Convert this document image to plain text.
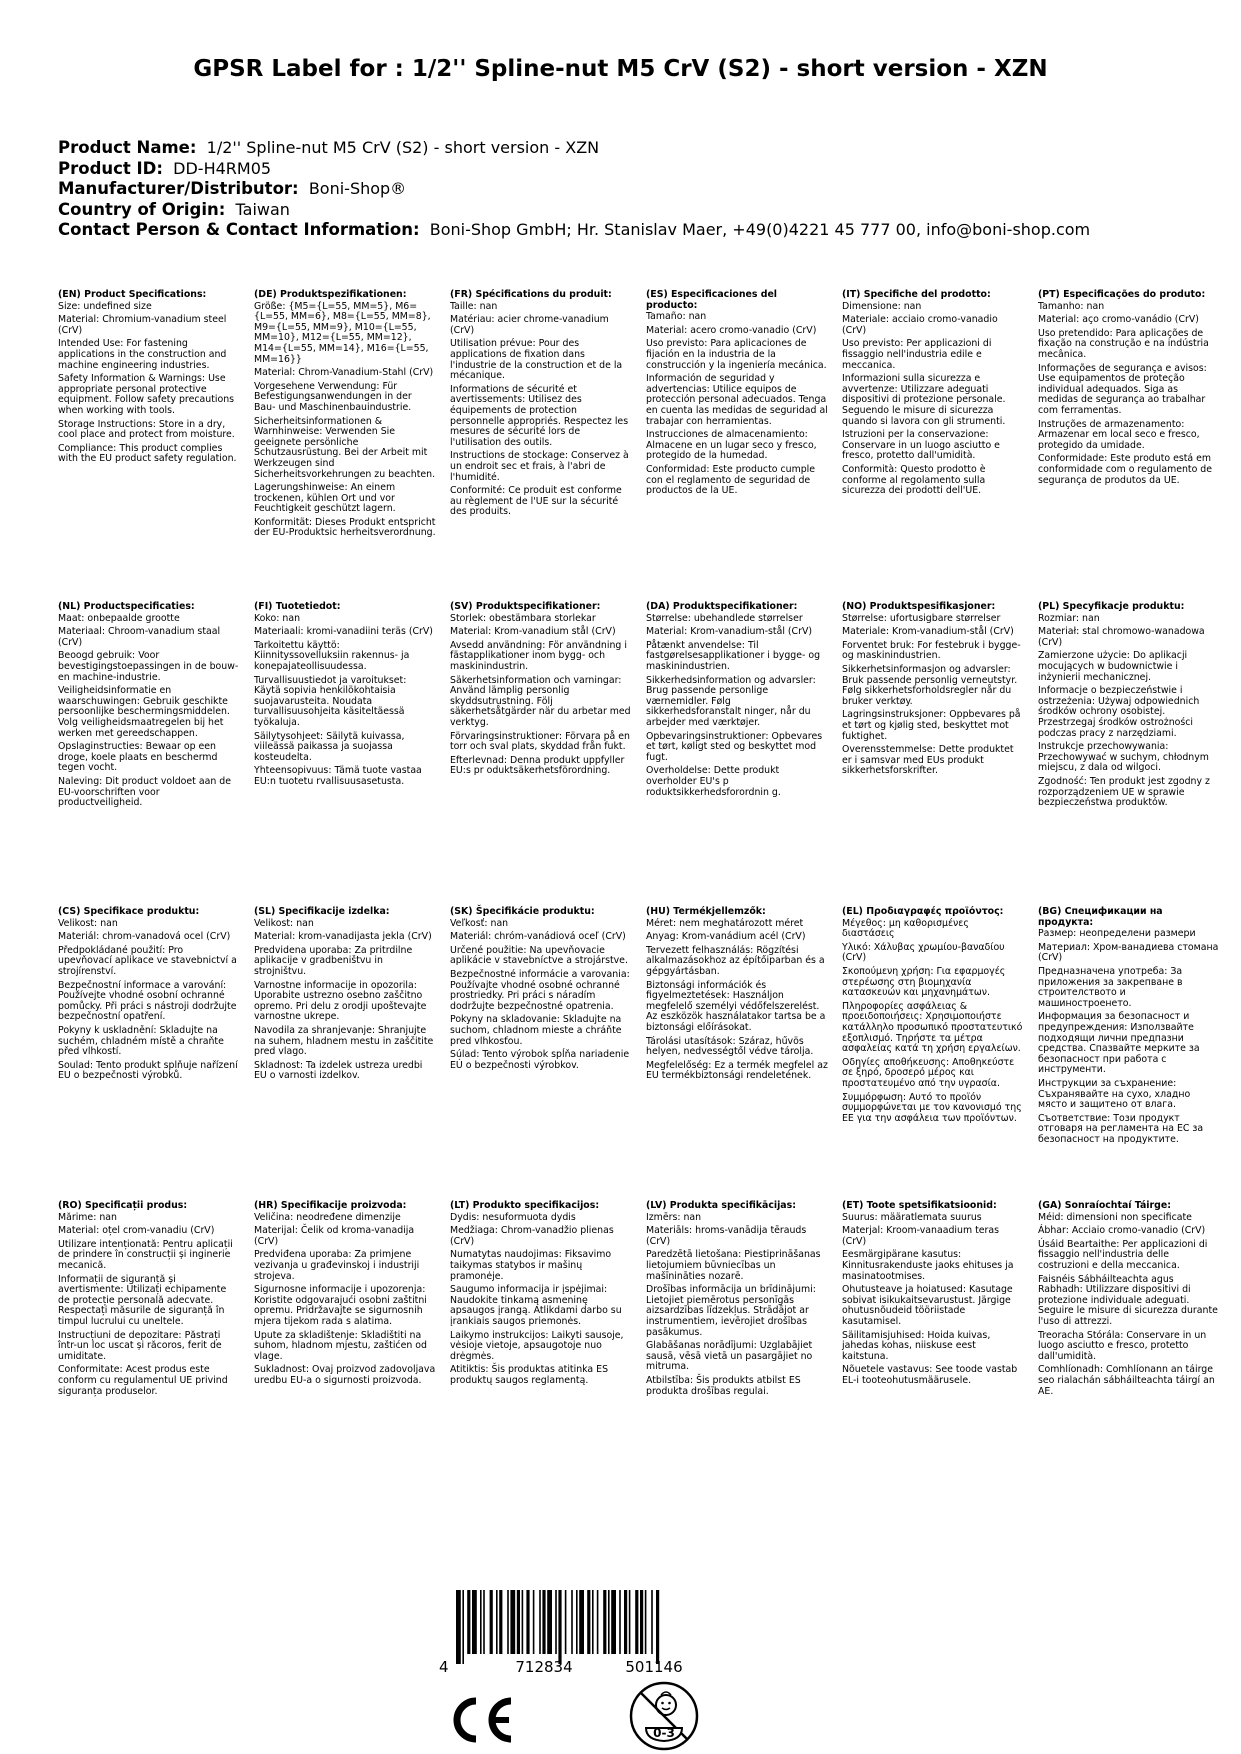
GPSR Label for : 1/2'' Spline-nut M5 CrV (S2) - short version - XZN
Product Name: 1/2'' Spline-nut M5 CrV (S2) - short version - XZN
Product ID: DD-H4RM05
Manufacturer/Distributor: Boni-Shop®
Country of Origin: Taiwan
Contact Person & Contact Information: Boni-Shop GmbH; Hr. Stanislav Maer, +49(0)4221 45 777 00, info@boni-shop.com
(EN) Product Specifications:

Size: undefined size

Material: Chromium-vanadium steel (CrV)

Intended Use: For fastening applications in the construction and machine engineering industries.

Safety Information & Warnings: Use appropriate personal protective equipment. Follow safety precautions when working with tools.

Storage Instructions: Store in a dry, cool place and protect from moisture.

Compliance: This product complies with the EU product safety regulation.

(DE) Produktspezifikationen:

Größe: {M5={L=55, MM=5}, M6={L=55, MM=6}, M8={L=55, MM=8}, M9={L=55, MM=9}, M10={L=55, MM=10}, M12={L=55, MM=12}, M14={L=55, MM=14}, M16={L=55, MM=16}}

Material: Chrom-Vanadium-Stahl (CrV)

Vorgesehene Verwendung: Für Befestigungsanwendungen in der Bau- und Maschinenbauindustrie.

Sicherheitsinformationen & Warnhinweise: Verwenden Sie geeignete persönliche Schutzausrüstung. Bei der Arbeit mit Werkzeugen sind Sicherheitsvorkehrungen zu beachten.

Lagerungshinweise: An einem trockenen, kühlen Ort und vor Feuchtigkeit geschützt lagern.

Konformität: Dieses Produkt entspricht der EU-Produktsic herheitsverordnung.

(FR) Spécifications du produit:

Taille: nan

Matériau: acier chrome-vanadium (CrV)

Utilisation prévue: Pour des applications de fixation dans l'industrie de la construction et de la mécanique.

Informations de sécurité et avertissements: Utilisez des équipements de protection personnelle appropriés. Respectez les mesures de sécurité lors de l'utilisation des outils.

Instructions de stockage: Conservez à un endroit sec et frais, à l'abri de l'humidité.

Conformité: Ce produit est conforme au règlement de l'UE sur la sécurité des produits.

(ES) Especificaciones del producto:

Tamaño: nan

Material: acero cromo-vanadio (CrV)

Uso previsto: Para aplicaciones de fijación en la industria de la construcción y la ingeniería mecánica.

Información de seguridad y advertencias: Utilice equipos de protección personal adecuados. Tenga en cuenta las medidas de seguridad al trabajar con herramientas.

Instrucciones de almacenamiento: Almacene en un lugar seco y fresco, protegido de la humedad.

Conformidad: Este producto cumple con el reglamento de seguridad de productos de la UE.

(IT) Specifiche del prodotto:

Dimensione: nan

Materiale: acciaio cromo-vanadio (CrV)

Uso previsto: Per applicazioni di fissaggio nell'industria edile e meccanica.

Informazioni sulla sicurezza e avvertenze: Utilizzare adeguati dispositivi di protezione personale. Seguendo le misure di sicurezza quando si lavora con gli strumenti.

Istruzioni per la conservazione: Conservare in un luogo asciutto e fresco, protetto dall'umidità.

Conformità: Questo prodotto è conforme al regolamento sulla sicurezza dei prodotti dell'UE.

(PT) Especificações do produto:

Tamanho: nan

Material: aço cromo-vanádio (CrV)

Uso pretendido: Para aplicações de fixação na construção e na indústria mecânica.

Informações de segurança e avisos: Use equipamentos de proteção individual adequados. Siga as medidas de segurança ao trabalhar com ferramentas.

Instruções de armazenamento: Armazenar em local seco e fresco, protegido da umidade.

Conformidade: Este produto está em conformidade com o regulamento de segurança de produtos da UE.

(NL) Productspecificaties:

Maat: onbepaalde grootte

Materiaal: Chroom-vanadium staal (CrV)

Beoogd gebruik: Voor bevestigingstoepassingen in de bouw- en machine-industrie.

Veiligheidsinformatie en waarschuwingen: Gebruik geschikte persoonlijke beschermingsmiddelen. Volg veiligheidsmaatregelen bij het werken met gereedschappen.

Opslaginstructies: Bewaar op een droge, koele plaats en beschermd tegen vocht.

Naleving: Dit product voldoet aan de EU-voorschriften voor productveiligheid.

(FI) Tuotetiedot:

Koko: nan

Materiaali: kromi-vanadiini teräs (CrV)

Tarkoitettu käyttö: Kiinnityssovelluksiin rakennus- ja konepajateollisuudessa.

Turvallisuustiedot ja varoitukset: Käytä sopivia henkilökohtaisia suojavarusteita. Noudata turvallisuusohjeita käsiteltäessä työkaluja.

Säilytysohjeet: Säilytä kuivassa, viileässä paikassa ja suojassa kosteudelta.

Yhteensopivuus: Tämä tuote vastaa EU:n tuotetu rvallisuusasetusta.

(SV) Produktspecifikationer:

Storlek: obestämbara storlekar

Material: Krom-vanadium stål (CrV)

Avsedd användning: För användning i fästapplikationer inom bygg- och maskinindustrin.

Säkerhetsinformation och varningar: Använd lämplig personlig skyddsutrustning. Följ säkerhetsåtgärder när du arbetar med verktyg.

Förvaringsinstruktioner: Förvara på en torr och sval plats, skyddad från fukt.

Efterlevnad: Denna produkt uppfyller EU:s pr oduktsäkerhetsförordning.

(DA) Produktspecifikationer:

Størrelse: ubehandlede størrelser

Material: Krom-vanadium-stål (CrV)

Påtænkt anvendelse: Til fastgørelsesapplikationer i bygge- og maskinindustrien.

Sikkerhedsinformation og advarsler: Brug passende personlige værnemidler. Følg sikkerhedsforanstalt ninger, når du arbejder med værktøjer.

Opbevaringsinstruktioner: Opbevares et tørt, køligt sted og beskyttet mod fugt.

Overholdelse: Dette produkt overholder EU's p roduktsikkerhedsforordnin g.

(NO) Produktspesifikasjoner:

Størrelse: ufortusigbare størrelser

Materiale: Krom-vanadium-stål (CrV)

Forventet bruk: For festebruk i bygge- og maskinindustrien.

Sikkerhetsinformasjon og advarsler: Bruk passende personlig verneutstyr. Følg sikkerhetsforholdsregler når du bruker verktøy.

Lagringsinstruksjoner: Oppbevares på et tørt og kjølig sted, beskyttet mot fuktighet.

Overensstemmelse: Dette produktet er i samsvar med EUs produkt sikkerhetsforskrifter.

(PL) Specyfikacje produktu:

Rozmiar: nan

Materiał: stal chromowo-wanadowa (CrV)

Zamierzone użycie: Do aplikacji mocujących w budownictwie i inżynierii mechanicznej.

Informacje o bezpieczeństwie i ostrzeżenia: Używaj odpowiednich środków ochrony osobistej. Przestrzegaj środków ostrożności podczas pracy z narzędziami.

Instrukcje przechowywania: Przechowywać w suchym, chłodnym miejscu, z dala od wilgoci.

Zgodność: Ten produkt jest zgodny z rozporządzeniem UE w sprawie bezpieczeństwa produktów.

(CS) Specifikace produktu:

Velikost: nan

Materiál: chrom-vanadová ocel (CrV)

Předpokládané použití: Pro upevňovací aplikace ve stavebnictví a strojírenství.

Bezpečnostní informace a varování: Používejte vhodné osobní ochranné pomůcky. Při práci s nástroji dodržujte bezpečnostní opatření.

Pokyny k uskladnění: Skladujte na suchém, chladném místě a chraňte před vlhkostí.

Soulad: Tento produkt splňuje nařízení EU o bezpečnosti výrobků.

(SL) Specifikacije izdelka:

Velikost: nan

Material: krom-vanadijasta jekla (CrV)

Predvidena uporaba: Za pritrdilne aplikacije v gradbeništvu in strojništvu.

Varnostne informacije in opozorila: Uporabite ustrezno osebno zaščitno opremo. Pri delu z orodji upoštevajte varnostne ukrepe.

Navodila za shranjevanje: Shranjujte na suhem, hladnem mestu in zaščitite pred vlago.

Skladnost: Ta izdelek ustreza uredbi EU o varnosti izdelkov.

(SK) Špecifikácie produktu:

Veľkosť: nan

Materiál: chróm-vanádiová oceľ (CrV)

Určené použitie: Na upevňovacie aplikácie v stavebníctve a strojárstve.

Bezpečnostné informácie a varovania: Používajte vhodné osobné ochranné prostriedky. Pri práci s náradím dodržujte bezpečnostné opatrenia.

Pokyny na skladovanie: Skladujte na suchom, chladnom mieste a chráňte pred vlhkosťou.

Súlad: Tento výrobok spĺňa nariadenie EÚ o bezpečnosti výrobkov.

(HU) Termékjellemzők:

Méret: nem meghatározott méret

Anyag: Krom-vanádium acél (CrV)

Tervezett felhasználás: Rögzítési alkalmazásokhoz az építőiparban és a gépgyártásban.

Biztonsági információk és figyelmeztetések: Használjon megfelelő személyi védőfelszerelést. Az eszközök használatakor tartsa be a biztonsági előírásokat.

Tárolási utasítások: Száraz, hűvös helyen, nedvességtől védve tárolja.

Megfelelőség: Ez a termék megfelel az EU termékbiztonsági rendeletének.

(EL) Προδιαγραφές προϊόντος:

Μέγεθος: μη καθορισμένες διαστάσεις

Υλικό: Χάλυβας χρωμίου-βαναδίου (CrV)

Σκοπούμενη χρήση: Για εφαρμογές στερέωσης στη βιομηχανία κατασκευών και μηχανημάτων.

Πληροφορίες ασφάλειας & προειδοποιήσεις: Χρησιμοποιήστε κατάλληλο προσωπικό προστατευτικό εξοπλισμό. Τηρήστε τα μέτρα ασφαλείας κατά τη χρήση εργαλείων.

Οδηγίες αποθήκευσης: Αποθηκεύστε σε ξηρό, δροσερό μέρος και προστατευμένο από την υγρασία.

Συμμόρφωση: Αυτό το προϊόν συμμορφώνεται με τον κανονισμό της ΕΕ για την ασφάλεια των προϊόντων.

(BG) Спецификации на продукта:

Размер: неопределени размери

Материал: Хром-ванадиева стомана (CrV)

Предназначена употреба: За приложения за закрепване в строителството и машиностроенето.

Информация за безопасност и предупреждения: Използвайте подходящи лични предпазни средства. Спазвайте мерките за безопасност при работа с инструменти.

Инструкции за съхранение: Съхранявайте на сухо, хладно място и защитено от влага.

Съответствие: Този продукт отговаря на регламента на ЕС за безопасност на продуктите.

(RO) Specificații produs:

Mărime: nan

Material: oțel crom-vanadiu (CrV)

Utilizare intenționată: Pentru aplicații de prindere în construcții și inginerie mecanică.

Informații de siguranță și avertismente: Utilizați echipamente de protecție personală adecvate. Respectați măsurile de siguranță în timpul lucrului cu uneltele.

Instrucțiuni de depozitare: Păstrați într-un loc uscat și răcoros, ferit de umiditate.

Conformitate: Acest produs este conform cu regulamentul UE privind siguranța produselor.

(HR) Specifikacije proizvoda:

Veličina: neodređene dimenzije

Materijal: Čelik od kroma-vanadija (CrV)

Predviđena uporaba: Za primjene vezivanja u građevinskoj i industriji strojeva.

Sigurnosne informacije i upozorenja: Koristite odgovarajući osobni zaštitni opremu. Pridržavajte se sigurnosnih mjera tijekom rada s alatima.

Upute za skladištenje: Skladištiti na suhom, hladnom mjestu, zaštićen od vlage.

Sukladnost: Ovaj proizvod zadovoljava uredbu EU-a o sigurnosti proizvoda.

(LT) Produkto specifikacijos:

Dydis: nesuformuota dydis

Medžiaga: Chrom-vanadžio plienas (CrV)

Numatytas naudojimas: Fiksavimo taikymas statybos ir mašinų pramonėje.

Saugumo informacija ir įspėjimai: Naudokite tinkamą asmeninę apsaugos įrangą. Atlikdami darbo su įrankiais saugos priemonės.

Laikymo instrukcijos: Laikyti sausoje, vėsioje vietoje, apsaugotoje nuo drėgmės.

Atitiktis: Šis produktas atitinka ES produktų saugos reglamentą.

(LV) Produkta specifikācijas:

Izmērs: nan

Materiāls: hroms-vanādija tērauds (CrV)

Paredzētā lietošana: Piestiprināšanas lietojumiem būvniecības un mašīnināties nozarē.

Drošības informācija un brīdinājumi: Lietojiet piemērotus personīgās aizsardzības līdzekļus. Strādājot ar instrumentiem, ievērojiet drošības pasākumus.

Glabāšanas norādījumi: Uzglabājiet sausā, vēsā vietā un pasargājiet no mitruma.

Atbilstība: Šis produkts atbilst ES produkta drošības regulai.

(ET) Toote spetsifikatsioonid:

Suurus: määratlemata suurus

Materjal: Kroom-vanaadium teras (CrV)

Eesmärgipärane kasutus: Kinnitusrakenduste jaoks ehituses ja masinatootmises.

Ohutusteave ja hoiatused: Kasutage sobivat isikukaitsevarustust. Järgige ohutusnõudeid tööriistade kasutamisel.

Säilitamisjuhised: Hoida kuivas, jahedas kohas, niiskuse eest kaitstuna.

Nõuetele vastavus: See toode vastab EL-i tooteohutusmäärusele.

(GA) Sonraíochtaí Táirge:

Méid: dimensioni non specificate

Ábhar: Acciaio cromo-vanadio (CrV)

Úsáid Beartaithe: Per applicazioni di fissaggio nell'industria delle costruzioni e della meccanica.

Faisnéis Sábháilteachta agus Rabhadh: Utilizzare dispositivi di protezione individuale adeguati. Seguire le misure di sicurezza durante l'uso di attrezzi.

Treoracha Stórála: Conservare in un luogo asciutto e fresco, protetto dall'umidità.

Comhlíonadh: Comhlíonann an táirge seo rialachán sábháilteachta táirgí an AE.

4	712834	501146
0-3
